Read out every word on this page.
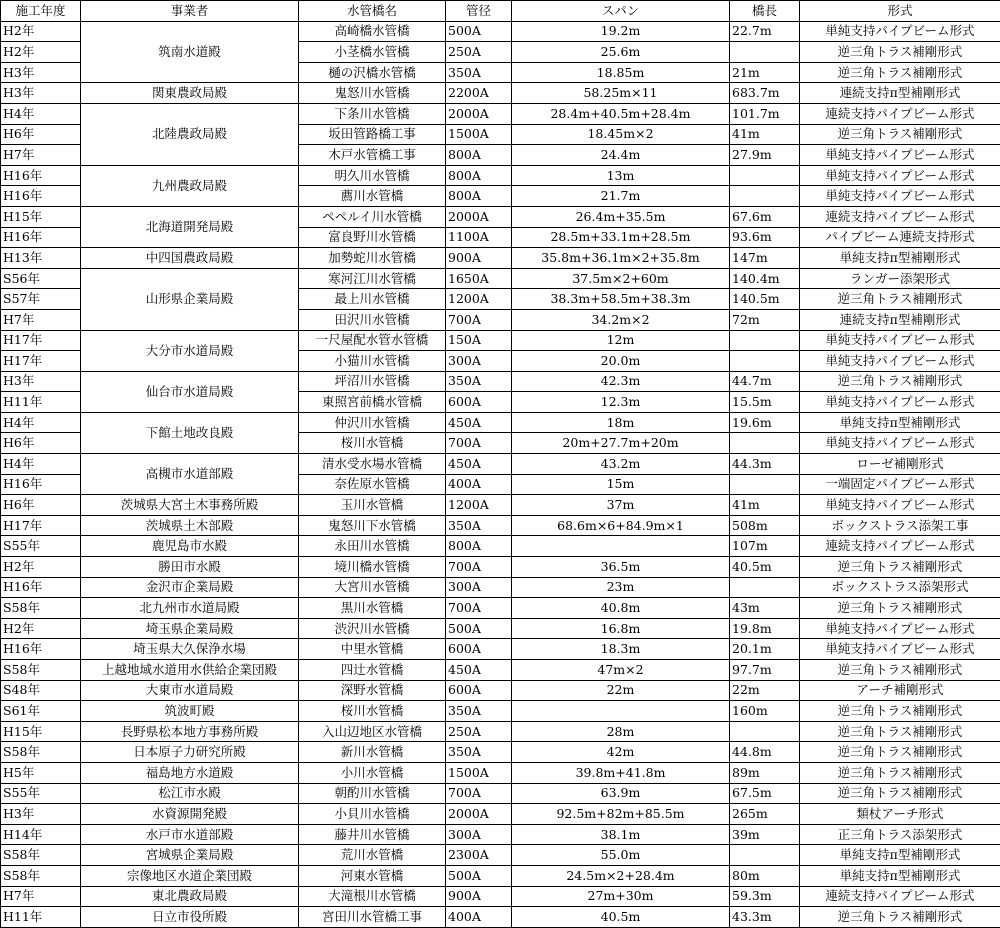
施工年度	事業者	水管橋名	管径	スパン	橋長	形式
H2年	筑南水道殿	高崎橋水管橋	500A	19.2m	22.7m	単純支持パイプビーム形式
H2年		小茎橋水管橋	250A	25.6m		逆三角トラス補剛形式
H3年		樋の沢橋水管橋	350A	18.85m	21m	逆三角トラス補剛形式
H3年	関東農政局殿	鬼怒川水管橋	2200A	58.25m×11	683.7m	連続支持π型補剛形式
H4年	北陸農政局殿	下条川水管橋	2000A	28.4m+40.5m+28.4m	101.7m	連続支持パイプビーム形式
H6年		坂田管路橋工事	1500A	18.45m×2	41m	逆三角トラス補剛形式
H7年		木戸水管橋工事	800A	24.4m	27.9m	単純支持パイプビーム形式
H16年	九州農政局殿	明久川水管橋	800A	13m		単純支持パイプビーム形式
H16年		薦川水管橋	800A	21.7m		単純支持パイプビーム形式
H15年	北海道開発局殿	ペペルイ川水管橋	2000A	26.4m+35.5m	67.6m	連続支持パイプビーム形式
H16年		富良野川水管橋	1100A	28.5m+33.1m+28.5m	93.6m	パイプビーム連続支持形式
H13年	中四国農政局殿	加勢蛇川水管橋	900A	35.8m+36.1m×2+35.8m	147m	単純支持π型補剛形式
S56年	山形県企業局殿	寒河江川水管橋	1650A	37.5m×2+60m	140.4m	ランガー添架形式
S57年		最上川水管橋	1200A	38.3m+58.5m+38.3m	140.5m	逆三角トラス補剛形式
H7年		田沢川水管橋	700A	34.2m×2	72m	連続支持π型補剛形式
H17年	大分市水道局殿	一尺屋配水管水管橋	150A	12m		単純支持パイプビーム形式
H17年		小猫川水管橋	300A	20.0m		単純支持パイプビーム形式
H3年	仙台市水道局殿	坪沼川水管橋	350A	42.3m	44.7m	逆三角トラス補剛形式
H11年		東照宮前橋水管橋	600A	12.3m	15.5m	単純支持パイプビーム形式
H4年	下館土地改良殿	仲沢川水管橋	450A	18m	19.6m	単純支持π型補剛形式
H6年		桜川水管橋	700A	20m+27.7m+20m		単純支持パイプビーム形式
H4年	高槻市水道部殿	清水受水場水管橋	450A	43.2m	44.3m	ローゼ補剛形式
H16年		奈佐原水管橋	400A	15m		一端固定パイプビーム形式
H6年	茨城県大宮土木事務所殿	玉川水管橋	1200A	37m	41m	単純支持パイプビーム形式
H17年	茨城県土木部殿	鬼怒川下水管橋	350A	68.6m×6+84.9m×1	508m	ボックストラス添架工事
S55年	鹿児島市水殿	永田川水管橋	800A		107m	連続支持パイプビーム形式
H2年	勝田市水殿	境川橋水管橋	700A	36.5m	40.5m	逆三角トラス補剛形式
H16年	金沢市企業局殿	大宮川水管橋	300A	23m		ボックストラス添架形式
S58年	北九州市水道局殿	黒川水管橋	700A	40.8m	43m	逆三角トラス補剛形式
H2年	埼玉県企業局殿	渋沢川水管橋	500A	16.8m	19.8m	単純支持パイプビーム形式
H16年	埼玉県大久保浄水場	中里水管橋	600A	18.3m	20.1m	単純支持パイプビーム形式
S58年	上越地域水道用水供給企業団殿	四辻水管橋	450A	47m×2	97.7m	逆三角トラス補剛形式
S48年	大東市水道局殿	深野水管橋	600A	22m	22m	アーチ補剛形式
S61年	筑波町殿	桜川水管橋	350A		160m	逆三角トラス補剛形式
H15年	長野県松本地方事務所殿	入山辺地区水管橋	250A	28m		逆三角トラス補剛形式
S58年	日本原子力研究所殿	新川水管橋	350A	42m	44.8m	逆三角トラス補剛形式
H5年	福島地方水道殿	小川水管橋	1500A	39.8m+41.8m	89m	逆三角トラス補剛形式
S55年	松江市水殿	朝酌川水管橋	700A	63.9m	67.5m	逆三角トラス補剛形式
H3年	水資源開発殿	小貝川水管橋	2000A	92.5m+82m+85.5m	265m	類杖アーチ形式
H14年	水戸市水道部殿	藤井川水管橋	300A	38.1m	39m	正三角トラス添架形式
S58年	宮城県企業局殿	荒川水管橋	2300A	55.0m		単純支持π型補剛形式
S58年	宗像地区水道企業団殿	河東水管橋	500A	24.5m×2+28.4m	80m	単純支持π型補剛形式
H7年	東北農政局殿	大滝根川水管橋	900A	27m+30m	59.3m	連続支持パイプビーム形式
H11年	日立市役所殿	宮田川水管橋工事	400A	40.5m	43.3m	逆三角トラス補剛形式
